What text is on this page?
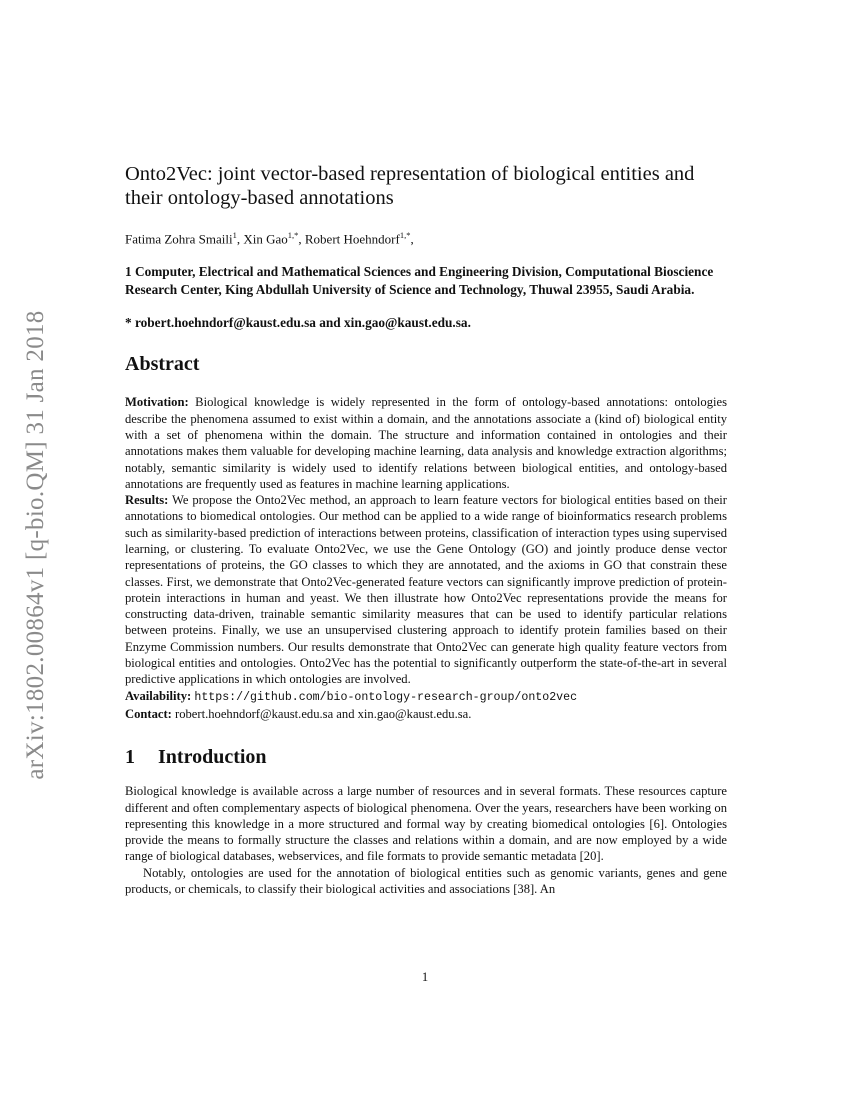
arXiv:1802.00864v1 [q-bio.QM] 31 Jan 2018
Onto2Vec: joint vector-based representation of biological entities and their ontology-based annotations
Fatima Zohra Smaili$^1$, Xin Gao$^{1,*}$, Robert Hoehndorf$^{1,*}$,

1 Computer, Electrical and Mathematical Sciences and Engineering Division, Computational Bioscience Research Center, King Abdullah University of Science and Technology, Thuwal 23955, Saudi Arabia.

* robert.hoehndorf@kaust.edu.sa and xin.gao@kaust.edu.sa.

Abstract

Motivation: Biological knowledge is widely represented in the form of ontology-based annotations: ontologies describe the phenomena assumed to exist within a domain, and the annotations associate a (kind of) biological entity with a set of phenomena within the domain. The structure and information contained in ontologies and their annotations makes them valuable for developing machine learning, data analysis and knowledge extraction algorithms; notably, semantic similarity is widely used to identify relations between biological entities, and ontology-based annotations are frequently used as features in machine learning applications.

Results: We propose the Onto2Vec method, an approach to learn feature vectors for biological entities based on their annotations to biomedical ontologies. Our method can be applied to a wide range of bioinformatics research problems such as similarity-based prediction of interactions between proteins, classification of interaction types using supervised learning, or clustering. To evaluate Onto2Vec, we use the Gene Ontology (GO) and jointly produce dense vector representations of proteins, the GO classes to which they are annotated, and the axioms in GO that constrain these classes. First, we demonstrate that Onto2Vec-generated feature vectors can significantly improve prediction of protein-protein interactions in human and yeast. We then illustrate how Onto2Vec representations provide the means for constructing data-driven, trainable semantic similarity measures that can be used to identify particular relations between proteins. Finally, we use an unsupervised clustering approach to identify protein families based on their Enzyme Commission numbers. Our results demonstrate that Onto2Vec can generate high quality feature vectors from biological entities and ontologies. Onto2Vec has the potential to significantly outperform the state-of-the-art in several predictive applications in which ontologies are involved.

Availability: https://github.com/bio-ontology-research-group/onto2vec

Contact: robert.hoehndorf@kaust.edu.sa and xin.gao@kaust.edu.sa.

1 Introduction

Biological knowledge is available across a large number of resources and in several formats. These resources capture different and often complementary aspects of biological phenomena. Over the years, researchers have been working on representing this knowledge in a more structured and formal way by creating biomedical ontologies [6]. Ontologies provide the means to formally structure the classes and relations within a domain, and are now employed by a wide range of biological databases, webservices, and file formats to provide semantic metadata [20].

Notably, ontologies are used for the annotation of biological entities such as genomic variants, genes and gene products, or chemicals, to classify their biological activities and associations [38]. An

1
